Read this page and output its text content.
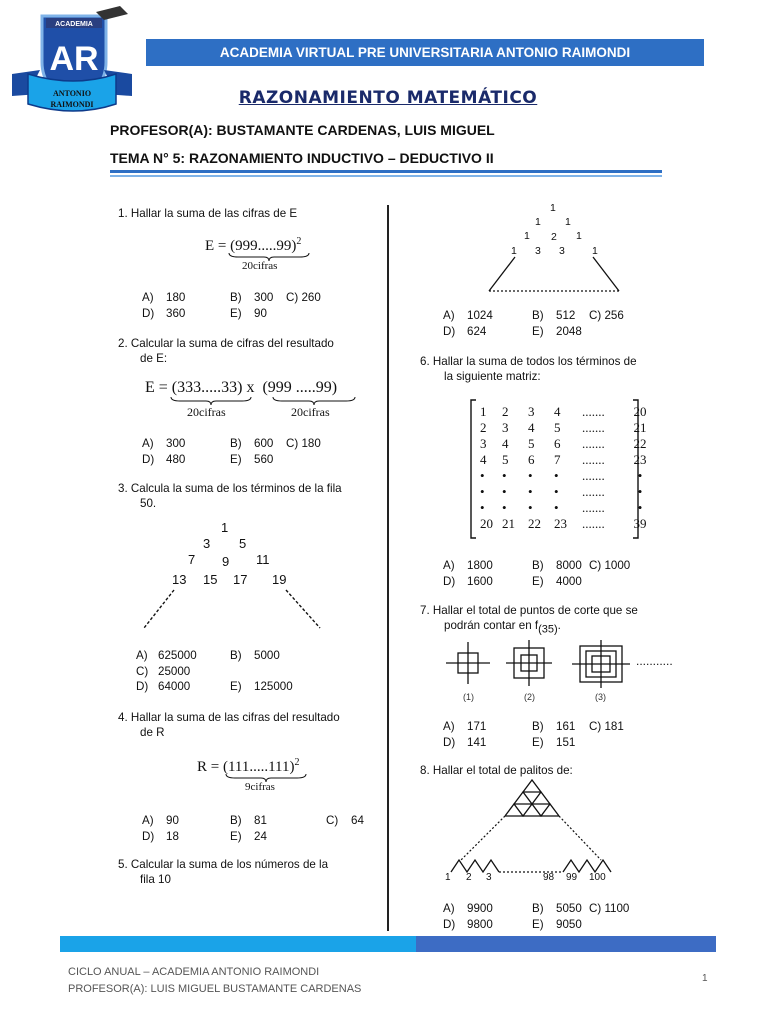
ACADEMIA
AR
ANTONIO
RAIMONDI
ACADEMIA VIRTUAL PRE UNIVERSITARIA ANTONIO RAIMONDI
RAZONAMIENTO MATEMÁTICO
PROFESOR(A): BUSTAMANTE CARDENAS, LUIS MIGUEL
TEMA N° 5: RAZONAMIENTO INDUCTIVO – DEDUCTIVO II
1. Hallar la suma de las cifras de E
$E = (999.....99)^2$
20cifras
A)	180	B)	300	C) 260
D)	360	E)	90	
2. Calcular la suma de cifras del resultado
de E:
E = (333.....33) x (999 .....99)
20cifras	20cifras
A)	300	B)	600	C) 180
D)	480	E)	560	
3. Calcula la suma de los términos de la fila
50.
1
3 5
7 9 11
13 15 17 19
A)	625000	B)	5000
C)	25000		
D)	64000	E)	125000
4. Hallar la suma de las cifras del resultado
de R
$R = (111.....111)^2$
9cifras
A)	90	B)	81	C)	64
D)	18	E)	24		
5. Calcular la suma de los números de la
fila 10
1
1 1
1 2 1
1 3 3	1
A)	1024	B)	512	C) 256
D)	624	E)	2048	
6. Hallar la suma de todos los términos de
la siguiente matriz:
1 2 3 4 ....... 20
2 3 4 5 ....... 21
3 4 5 6 ....... 22
4 5 6 7 ....... 23
• • • • .......	•
• • • • .......	•
• • • • .......	•
20 21 22 23 ....... 39
A)	1800	B)	8000	C) 1000
D)	1600	E)	4000	
7. Hallar el total de puntos de corte que se
podrán contar en $f_{(35)}$.
...........
(1)	(2)	(3)
A)	171	B)	161	C) 181
D)	141	E)	151	
8. Hallar el total de palitos de:
1 2 3	98 99 100
A)	9900	B)	5050	C) 1100
D)	9800	E)	9050	
CICLO ANUAL – ACADEMIA ANTONIO RAIMONDI
PROFESOR(A): LUIS MIGUEL BUSTAMANTE CARDENAS
1
